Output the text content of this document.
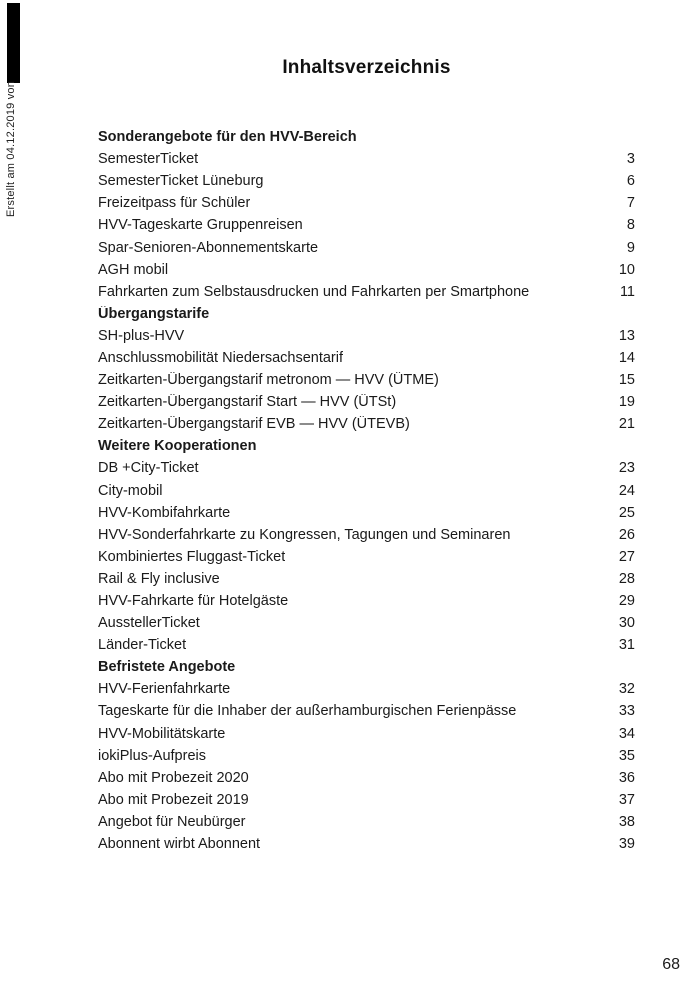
Erstellt am 04.12.2019 von
Inhaltsverzeichnis
Sonderangebote für den HVV-Bereich
SemesterTicket	3
SemesterTicket Lüneburg	6
Freizeitpass für Schüler	7
HVV-Tageskarte Gruppenreisen	8
Spar-Senioren-Abonnementskarte	9
AGH mobil	10
Fahrkarten zum Selbstausdrucken und Fahrkarten per Smartphone	11
Übergangstarife
SH-plus-HVV	13
Anschlussmobilität Niedersachsentarif	14
Zeitkarten-Übergangstarif metronom — HVV (ÜTME)	15
Zeitkarten-Übergangstarif Start — HVV (ÜTSt)	19
Zeitkarten-Übergangstarif EVB — HVV (ÜTEVB)	21
Weitere Kooperationen
DB +City-Ticket	23
City-mobil	24
HVV-Kombifahrkarte	25
HVV-Sonderfahrkarte zu Kongressen, Tagungen und Seminaren	26
Kombiniertes Fluggast-Ticket	27
Rail & Fly inclusive	28
HVV-Fahrkarte für Hotelgäste	29
AusstellerTicket	30
Länder-Ticket	31
Befristete Angebote
HVV-Ferienfahrkarte	32
Tageskarte für die Inhaber der außerhamburgischen Ferienpässe	33
HVV-Mobilitätskarte	34
iokiPlus-Aufpreis	35
Abo mit Probezeit 2020	36
Abo mit Probezeit 2019	37
Angebot für Neubürger	38
Abonnent wirbt Abonnent	39
68
